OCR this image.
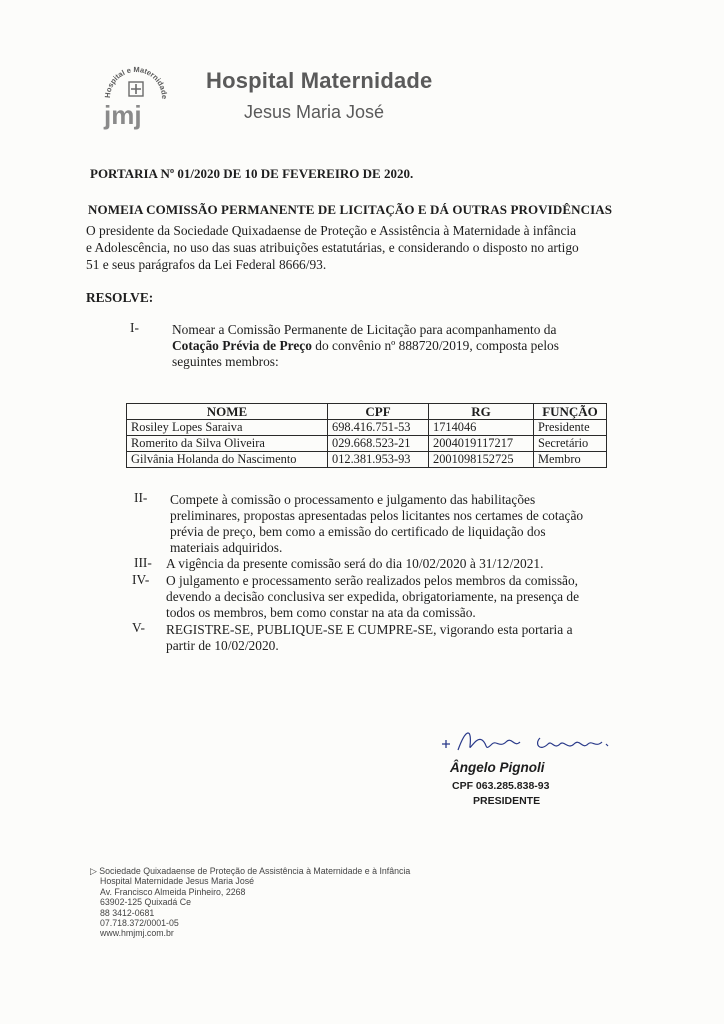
Hospital e Maternidade
jmj
Hospital Maternidade
Jesus Maria José
PORTARIA Nº 01/2020 DE 10 DE FEVEREIRO DE 2020.
NOMEIA COMISSÃO PERMANENTE DE LICITAÇÃO E DÁ OUTRAS PROVIDÊNCIAS
O presidente da Sociedade Quixadaense de Proteção e Assistência à Maternidade à infância
e Adolescência, no uso das suas atribuições estatutárias, e considerando o disposto no artigo
51 e seus parágrafos da Lei Federal 8666/93.
RESOLVE:
I- Nomear a Comissão Permanente de Licitação para acompanhamento da
Cotação Prévia de Preço do convênio nº 888720/2019, composta pelos
seguintes membros:
NOME	CPF	RG	FUNÇÃO
Rosiley Lopes Saraiva	698.416.751-53	1714046	Presidente
Romerito da Silva Oliveira	029.668.523-21	2004019117217	Secretário
Gilvânia Holanda do Nascimento	012.381.953-93	2001098152725	Membro
II- Compete à comissão o processamento e julgamento das habilitações
preliminares, propostas apresentadas pelos licitantes nos certames de cotação
prévia de preço, bem como a emissão do certificado de liquidação dos
materiais adquiridos.
III- A vigência da presente comissão será do dia 10/02/2020 à 31/12/2021.
IV- O julgamento e processamento serão realizados pelos membros da comissão,
devendo a decisão conclusiva ser expedida, obrigatoriamente, na presença de
todos os membros, bem como constar na ata da comissão.
V- REGISTRE-SE, PUBLIQUE-SE E CUMPRE-SE, vigorando esta portaria a
partir de 10/02/2020.
Ângelo Pignoli
CPF 063.285.838-93
PRESIDENTE
▷ Sociedade Quixadaense de Proteção de Assistência à Maternidade e à Infância
Hospital Maternidade Jesus Maria José
Av. Francisco Almeida Pinheiro, 2268
63902-125 Quixadá Ce
88 3412-0681
07.718.372/0001-05
www.hmjmj.com.br
